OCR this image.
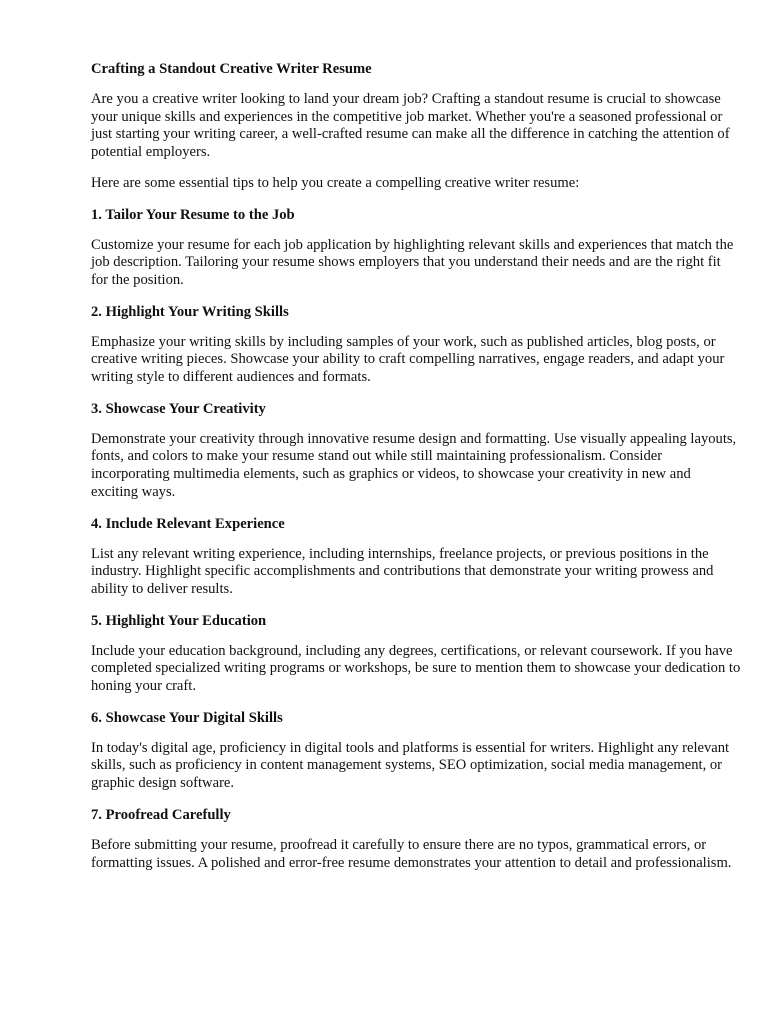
Crafting a Standout Creative Writer Resume
Are you a creative writer looking to land your dream job? Crafting a standout resume is crucial to showcase your unique skills and experiences in the competitive job market. Whether you're a seasoned professional or just starting your writing career, a well-crafted resume can make all the difference in catching the attention of potential employers.
Here are some essential tips to help you create a compelling creative writer resume:
1. Tailor Your Resume to the Job
Customize your resume for each job application by highlighting relevant skills and experiences that match the job description. Tailoring your resume shows employers that you understand their needs and are the right fit for the position.
2. Highlight Your Writing Skills
Emphasize your writing skills by including samples of your work, such as published articles, blog posts, or creative writing pieces. Showcase your ability to craft compelling narratives, engage readers, and adapt your writing style to different audiences and formats.
3. Showcase Your Creativity
Demonstrate your creativity through innovative resume design and formatting. Use visually appealing layouts, fonts, and colors to make your resume stand out while still maintaining professionalism. Consider incorporating multimedia elements, such as graphics or videos, to showcase your creativity in new and exciting ways.
4. Include Relevant Experience
List any relevant writing experience, including internships, freelance projects, or previous positions in the industry. Highlight specific accomplishments and contributions that demonstrate your writing prowess and ability to deliver results.
5. Highlight Your Education
Include your education background, including any degrees, certifications, or relevant coursework. If you have completed specialized writing programs or workshops, be sure to mention them to showcase your dedication to honing your craft.
6. Showcase Your Digital Skills
In today's digital age, proficiency in digital tools and platforms is essential for writers. Highlight any relevant skills, such as proficiency in content management systems, SEO optimization, social media management, or graphic design software.
7. Proofread Carefully
Before submitting your resume, proofread it carefully to ensure there are no typos, grammatical errors, or formatting issues. A polished and error-free resume demonstrates your attention to detail and professionalism.
